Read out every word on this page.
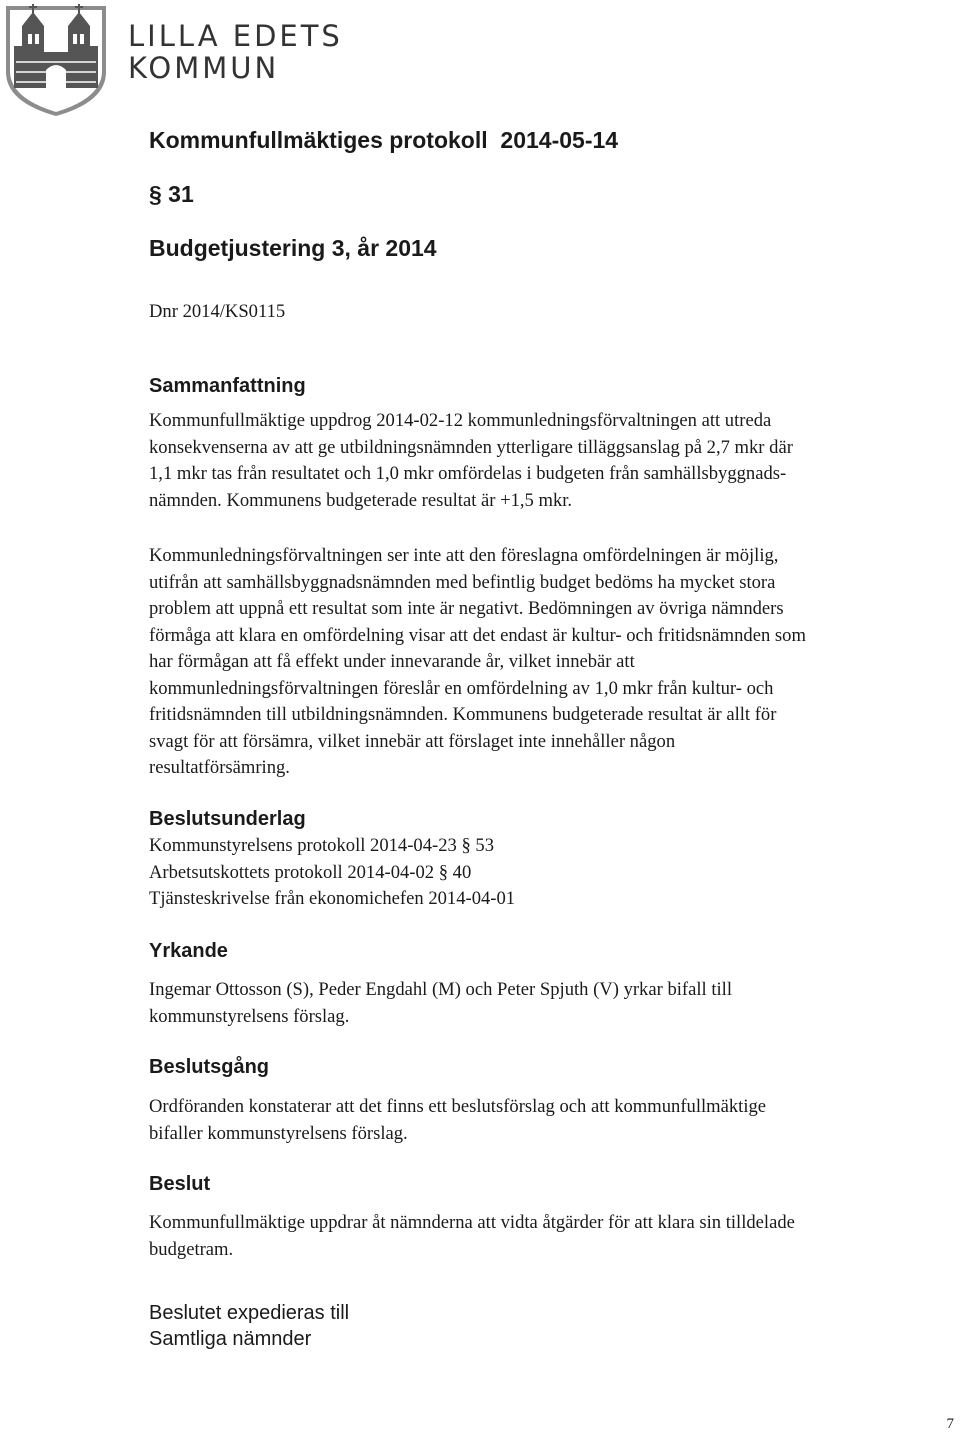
LILLA EDETS
KOMMUN
Kommunfullmäktiges protokoll  2014-05-14
§ 31
Budgetjustering 3, år 2014

Dnr 2014/KS0115

Sammanfattning
Kommunfullmäktige uppdrog 2014-02-12 kommunledningsförvaltningen att utreda
konsekvenserna av att ge utbildningsnämnden ytterligare tilläggsanslag på 2,7 mkr där
1,1 mkr tas från resultatet och 1,0 mkr omfördelas i budgeten från samhällsbyggnads-
nämnden. Kommunens budgeterade resultat är +1,5 mkr.
Kommunledningsförvaltningen ser inte att den föreslagna omfördelningen är möjlig,
utifrån att samhällsbyggnadsnämnden med befintlig budget bedöms ha mycket stora
problem att uppnå ett resultat som inte är negativt. Bedömningen av övriga nämnders
förmåga att klara en omfördelning visar att det endast är kultur- och fritidsnämnden som
har förmågan att få effekt under innevarande år, vilket innebär att
kommunledningsförvaltningen föreslår en omfördelning av 1,0 mkr från kultur- och
fritidsnämnden till utbildningsnämnden. Kommunens budgeterade resultat är allt för
svagt för att försämra, vilket innebär att förslaget inte innehåller någon
resultatförsämring.
Beslutsunderlag
Kommunstyrelsens protokoll 2014-04-23 § 53
Arbetsutskottets protokoll 2014-04-02 § 40
Tjänsteskrivelse från ekonomichefen 2014-04-01
Yrkande
Ingemar Ottosson (S), Peder Engdahl (M) och Peter Spjuth (V) yrkar bifall till
kommunstyrelsens förslag.
Beslutsgång
Ordföranden konstaterar att det finns ett beslutsförslag och att kommunfullmäktige
bifaller kommunstyrelsens förslag.
Beslut
Kommunfullmäktige uppdrar åt nämnderna att vidta åtgärder för att klara sin tilldelade
budgetram.

Beslutet expedieras till

Samtliga nämnder

7
